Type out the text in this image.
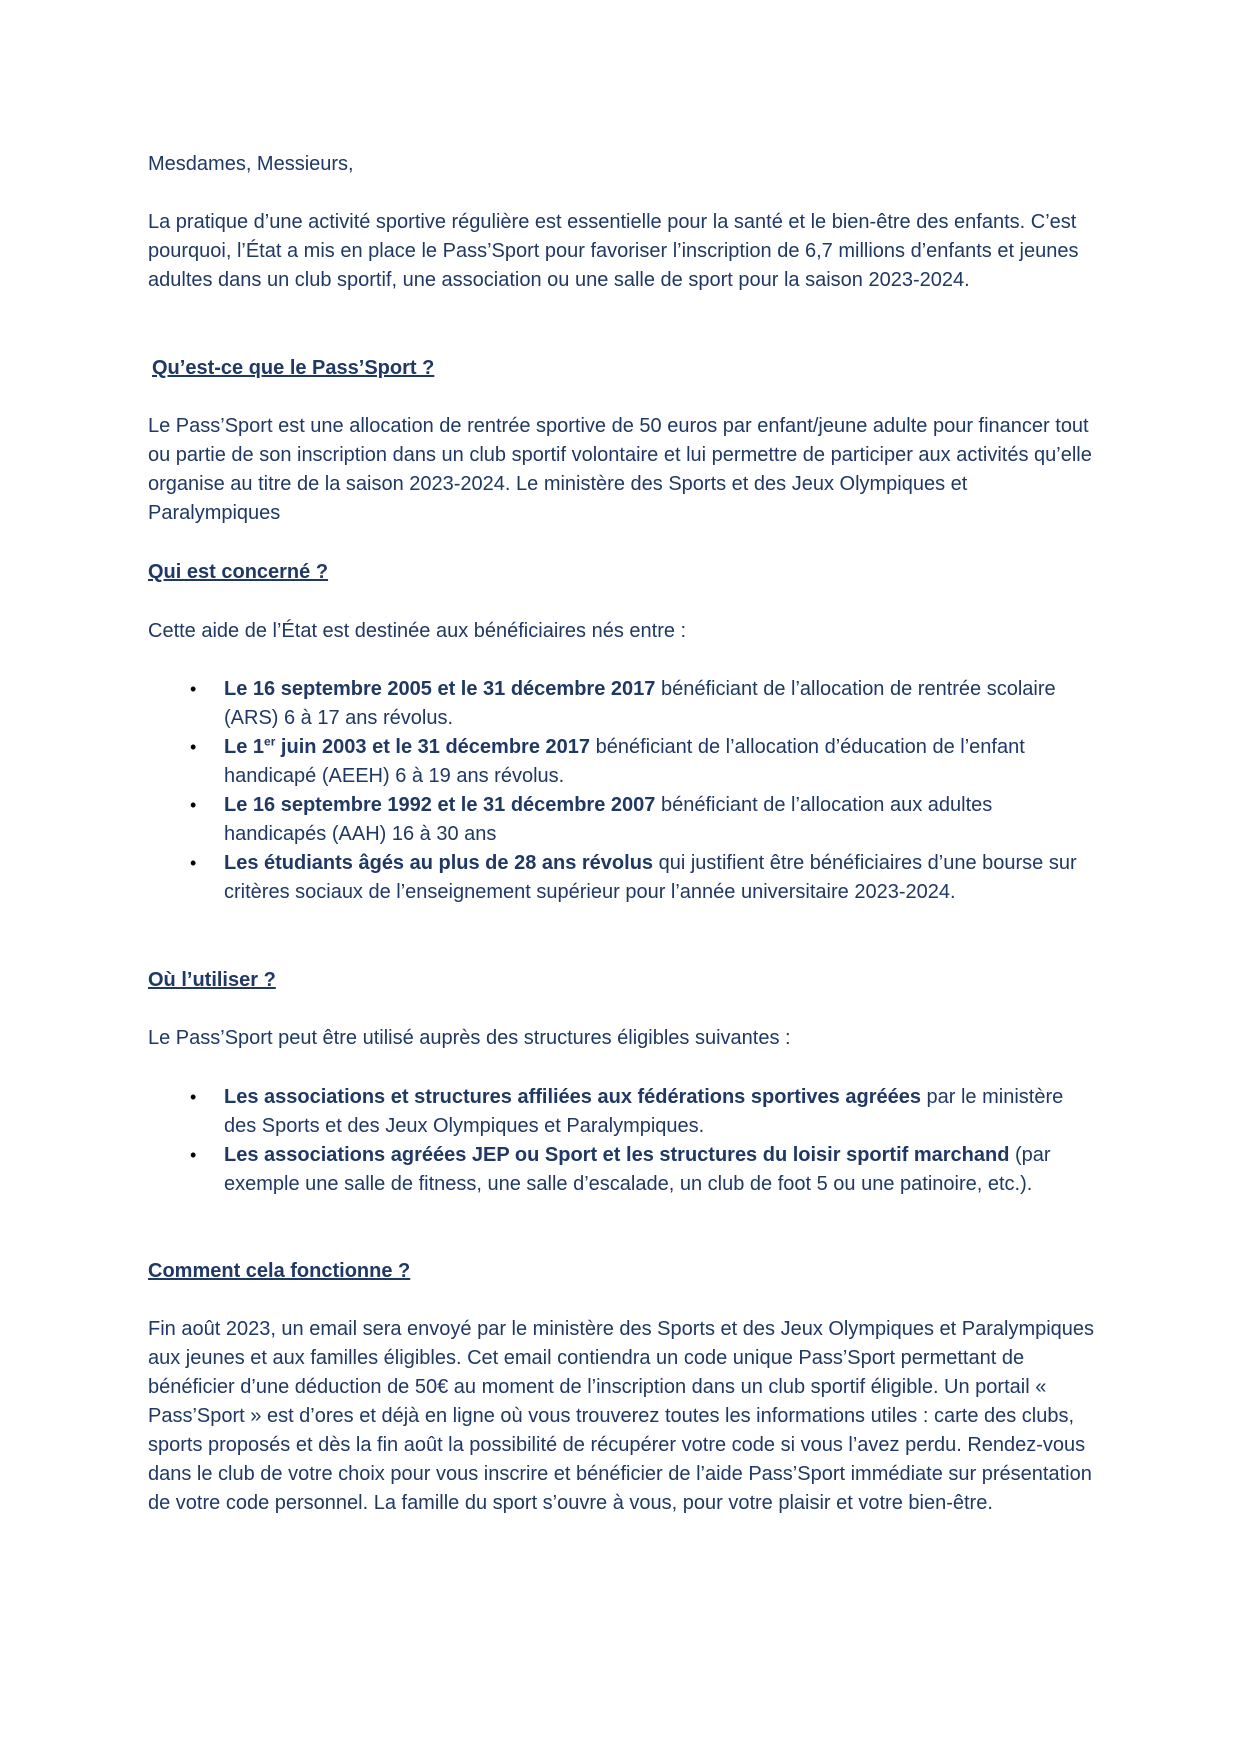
Mesdames, Messieurs,

La pratique d’une activité sportive régulière est essentielle pour la santé et le bien-être des enfants. C’est pourquoi, l’État a mis en place le Pass’Sport pour favoriser l’inscription de 6,7 millions d’enfants et jeunes adultes dans un club sportif, une association ou une salle de sport pour la saison 2023-2024.

Qu’est-ce que le Pass’Sport ?

Le Pass’Sport est une allocation de rentrée sportive de 50 euros par enfant/jeune adulte pour financer tout ou partie de son inscription dans un club sportif volontaire et lui permettre de participer aux activités qu’elle organise au titre de la saison 2023-2024. Le ministère des Sports et des Jeux Olympiques et Paralympiques

Qui est concerné ?

Cette aide de l’État est destinée aux bénéficiaires nés entre :

• Le 16 septembre 2005 et le 31 décembre 2017 bénéficiant de l’allocation de rentrée scolaire (ARS) 6 à 17 ans révolus.
• Le 1er juin 2003 et le 31 décembre 2017 bénéficiant de l’allocation d’éducation de l’enfant handicapé (AEEH) 6 à 19 ans révolus.
• Le 16 septembre 1992 et le 31 décembre 2007 bénéficiant de l’allocation aux adultes handicapés (AAH) 16 à 30 ans
• Les étudiants âgés au plus de 28 ans révolus qui justifient être bénéficiaires d’une bourse sur critères sociaux de l’enseignement supérieur pour l’année universitaire 2023-2024.

Où l’utiliser ?

Le Pass’Sport peut être utilisé auprès des structures éligibles suivantes :

• Les associations et structures affiliées aux fédérations sportives agréées par le ministère des Sports et des Jeux Olympiques et Paralympiques.
• Les associations agréées JEP ou Sport et les structures du loisir sportif marchand (par exemple une salle de fitness, une salle d’escalade, un club de foot 5 ou une patinoire, etc.).

Comment cela fonctionne ?

Fin août 2023, un email sera envoyé par le ministère des Sports et des Jeux Olympiques et Paralympiques aux jeunes et aux familles éligibles. Cet email contiendra un code unique Pass’Sport permettant de bénéficier d’une déduction de 50€ au moment de l’inscription dans un club sportif éligible. Un portail « Pass’Sport » est d’ores et déjà en ligne où vous trouverez toutes les informations utiles : carte des clubs, sports proposés et dès la fin août la possibilité de récupérer votre code si vous l’avez perdu. Rendez-vous dans le club de votre choix pour vous inscrire et bénéficier de l’aide Pass’Sport immédiate sur présentation de votre code personnel. La famille du sport s’ouvre à vous, pour votre plaisir et votre bien-être.
